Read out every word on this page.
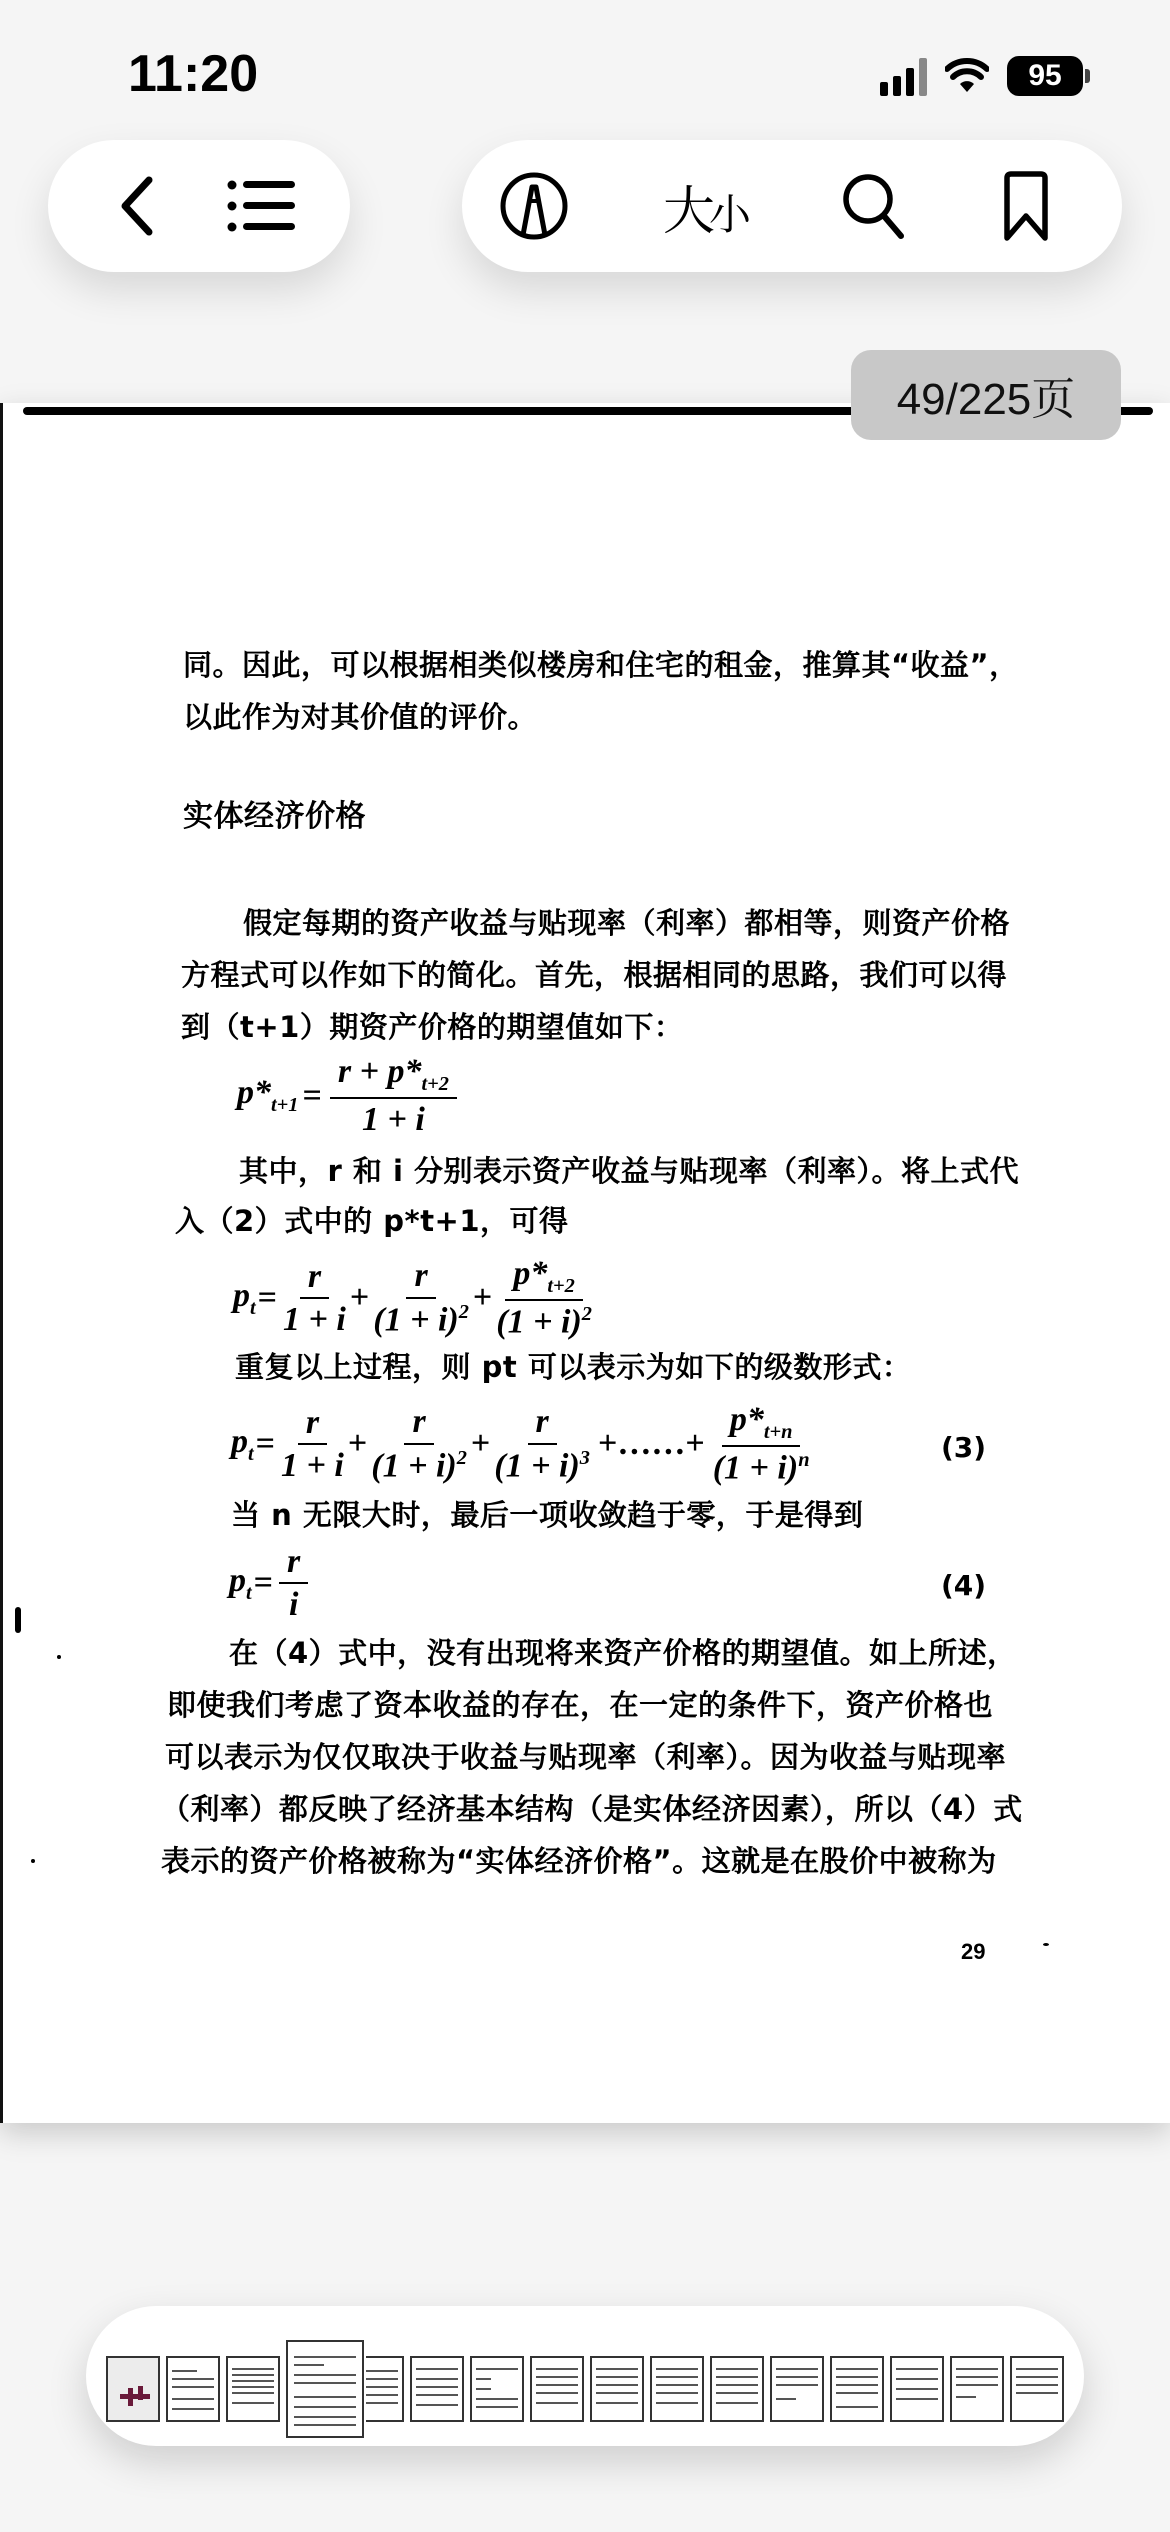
11:20	95
大小
同。因此，可以根据相类似楼房和住宅的租金，推算其“收益”，
以此作为对其价值的评价。
实体经济价格
假定每期的资产收益与贴现率（利率）都相等，则资产价格
方程式可以作如下的简化。首先，根据相同的思路，我们可以得
到（t+1）期资产价格的期望值如下：
$p*_{t+1} = \frac{r + p*_{t+2}}{1 + i}$
其中，r 和 i 分别表示资产收益与贴现率（利率）。将上式代
入（2）式中的 p*t+1，可得
$p_t = \frac{r}{1 + i} + \frac{r}{(1 + i)^2} + \frac{p*_{t+2}}{(1 + i)^2}$
重复以上过程，则 pt 可以表示为如下的级数形式：
$p_t = \frac{r}{1 + i} + \frac{r}{(1 + i)^2} + \frac{r}{(1 + i)^3}$ +……+ $\frac{p*_{t+n}}{(1 + i)^n}$	(3)
当 n 无限大时，最后一项收敛趋于零，于是得到
$p_t = \frac{r}{i}$	(4)
在（4）式中，没有出现将来资产价格的期望值。如上所述，
即使我们考虑了资本收益的存在，在一定的条件下，资产价格也
可以表示为仅仅取决于收益与贴现率（利率）。因为收益与贴现率
（利率）都反映了经济基本结构（是实体经济因素），所以（4）式
表示的资产价格被称为“实体经济价格”。这就是在股价中被称为
29
49/225页
